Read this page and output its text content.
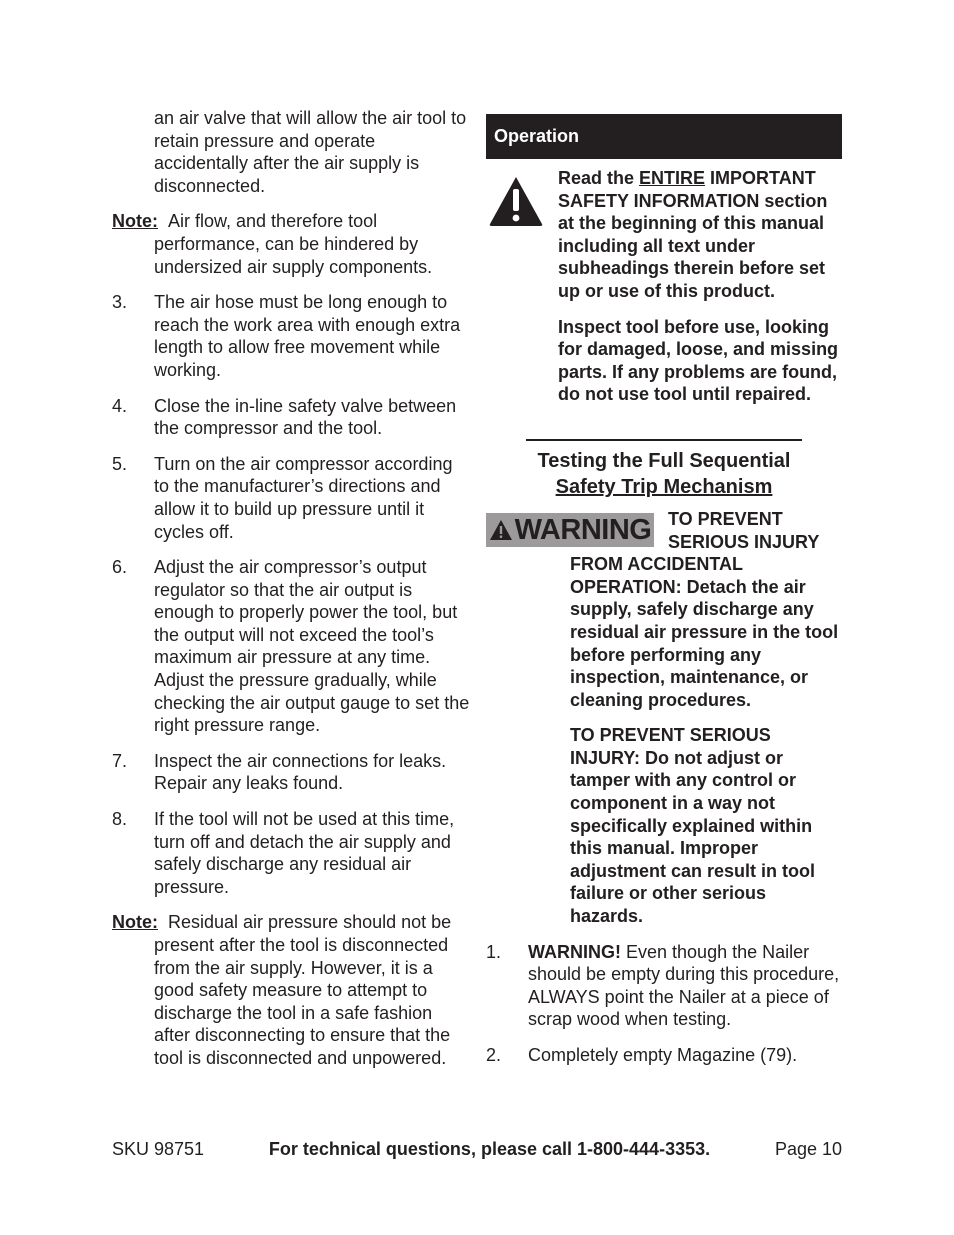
an air valve that will allow the air tool to retain pressure and operate accidentally after the air supply is disconnected.

Note: Air flow, and therefore tool performance, can be hindered by undersized air supply components.
3.	The air hose must be long enough to reach the work area with enough extra length to allow free movement while working.
4.	Close the in-line safety valve between the compressor and the tool.
5.	Turn on the air compressor according to the manufacturer’s directions and allow it to build up pressure until it cycles off.
6.	Adjust the air compressor’s output regulator so that the air output is enough to properly power the tool, but the output will not exceed the tool’s maximum air pressure at any time. Adjust the pressure gradually, while checking the air output gauge to set the right pressure range.
7.	Inspect the air connections for leaks. Repair any leaks found.
8.	If the tool will not be used at this time, turn off and detach the air supply and safely discharge any residual air pressure.
Note: Residual air pressure should not be present after the tool is disconnected from the air supply. However, it is a good safety measure to attempt to discharge the tool in a safe fashion after disconnecting to ensure that the tool is disconnected and unpowered.
Operation

Read the ENTIRE IMPORTANT SAFETY INFORMATION section at the beginning of this manual including all text under subheadings therein before set up or use of this product.

Inspect tool before use, looking for damaged, loose, and missing parts. If any problems are found, do not use tool until repaired.

Testing the Full Sequential
Safety Trip Mechanism
WARNING TO PREVENT SERIOUS INJURY

FROM ACCIDENTAL OPERATION: Detach the air supply, safely discharge any residual air pressure in the tool before performing any inspection, maintenance, or cleaning procedures.

TO PREVENT SERIOUS INJURY: Do not adjust or tamper with any control or component in a way not specifically explained within this manual. Improper adjustment can result in tool failure or other serious hazards.

1.	WARNING! Even though the Nailer should be empty during this procedure, ALWAYS point the Nailer at a piece of scrap wood when testing.
2.	Completely empty Magazine (79).
SKU 98751	For technical questions, please call 1-800-444-3353.	Page 10
